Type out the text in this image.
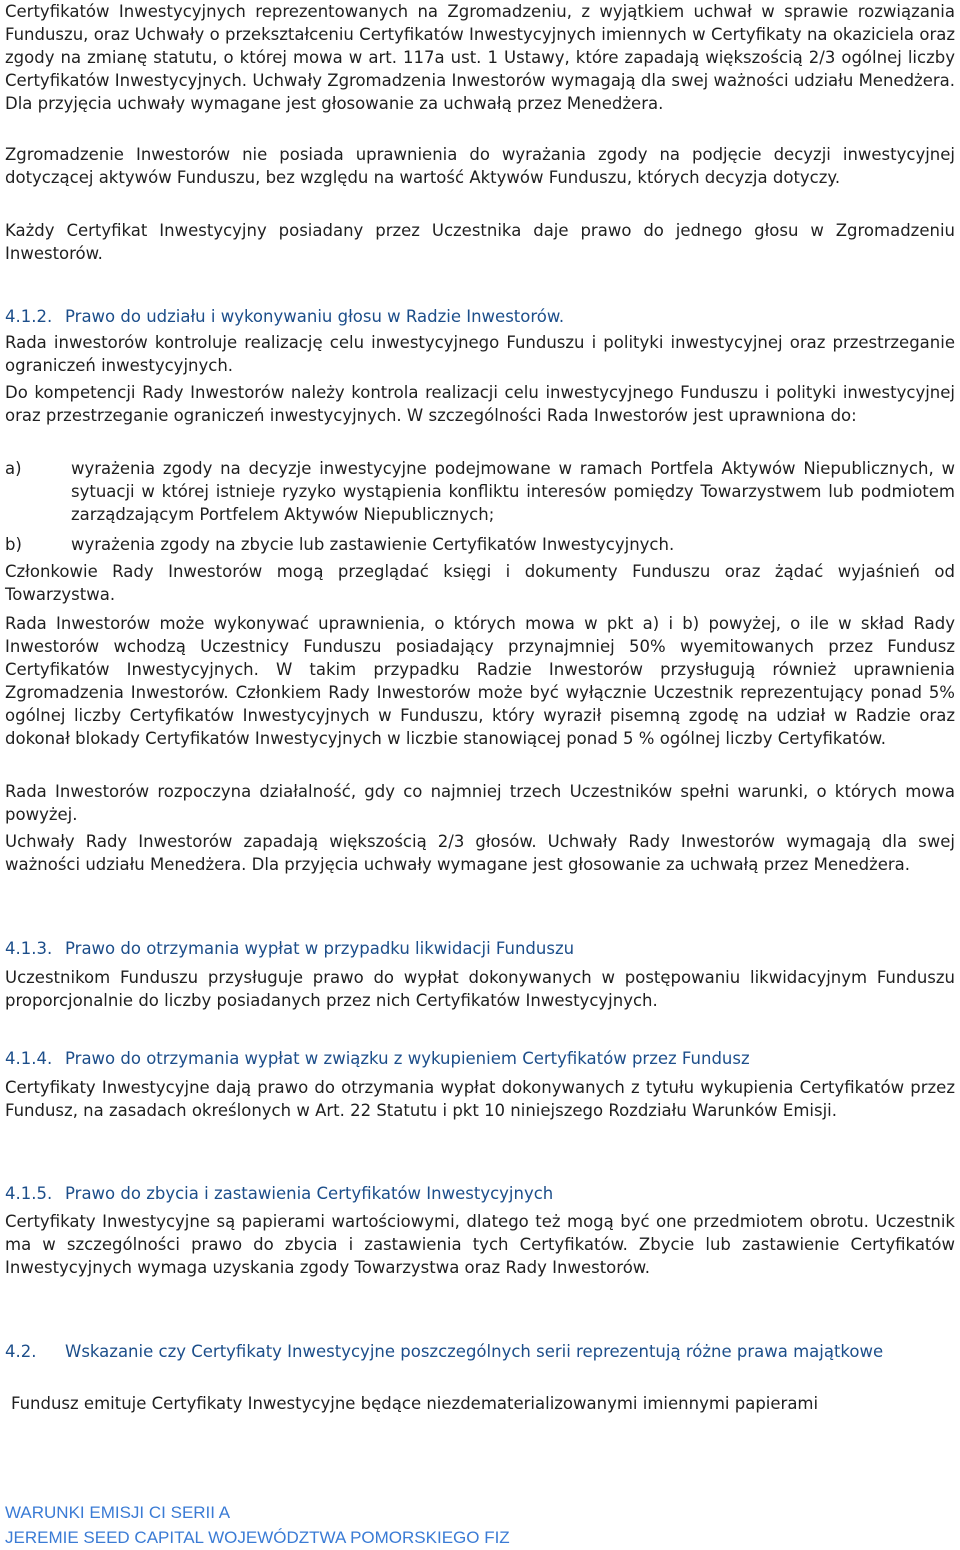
Certyfikatów Inwestycyjnych reprezentowanych na Zgromadzeniu, z wyjątkiem uchwał w sprawie rozwiązania Funduszu, oraz Uchwały o przekształceniu Certyfikatów Inwestycyjnych imiennych w Certyfikaty na okaziciela oraz zgody na zmianę statutu, o której mowa w art. 117a ust. 1 Ustawy, które zapadają większością 2/3 ogólnej liczby Certyfikatów Inwestycyjnych. Uchwały Zgromadzenia Inwestorów wymagają dla swej ważności udziału Menedżera. Dla przyjęcia uchwały wymagane jest głosowanie za uchwałą przez Menedżera.

Zgromadzenie Inwestorów nie posiada uprawnienia do wyrażania zgody na podjęcie decyzji inwestycyjnej dotyczącej aktywów Funduszu, bez względu na wartość Aktywów Funduszu, których decyzja dotyczy.

Każdy Certyfikat Inwestycyjny posiadany przez Uczestnika daje prawo do jednego głosu w Zgromadzeniu Inwestorów.

4.1.2. Prawo do udziału i wykonywaniu głosu w Radzie Inwestorów.

Rada inwestorów kontroluje realizację celu inwestycyjnego Funduszu i polityki inwestycyjnej oraz przestrzeganie ograniczeń inwestycyjnych.

Do kompetencji Rady Inwestorów należy kontrola realizacji celu inwestycyjnego Funduszu i polityki inwestycyjnej oraz przestrzeganie ograniczeń inwestycyjnych. W szczególności Rada Inwestorów jest uprawniona do:

a)	wyrażenia zgody na decyzje inwestycyjne podejmowane w ramach Portfela Aktywów Niepublicznych, w sytuacji w której istnieje ryzyko wystąpienia konfliktu interesów pomiędzy Towarzystwem lub podmiotem zarządzającym Portfelem Aktywów Niepublicznych;
b)	wyrażenia zgody na zbycie lub zastawienie Certyfikatów Inwestycyjnych.

Członkowie Rady Inwestorów mogą przeglądać księgi i dokumenty Funduszu oraz żądać wyjaśnień od Towarzystwa.

Rada Inwestorów może wykonywać uprawnienia, o których mowa w pkt a) i b) powyżej, o ile w skład Rady Inwestorów wchodzą Uczestnicy Funduszu posiadający przynajmniej 50% wyemitowanych przez Fundusz Certyfikatów Inwestycyjnych. W takim przypadku Radzie Inwestorów przysługują również uprawnienia Zgromadzenia Inwestorów. Członkiem Rady Inwestorów może być wyłącznie Uczestnik reprezentujący ponad 5% ogólnej liczby Certyfikatów Inwestycyjnych w Funduszu, który wyraził pisemną zgodę na udział w Radzie oraz dokonał blokady Certyfikatów Inwestycyjnych w liczbie stanowiącej ponad 5 % ogólnej liczby Certyfikatów.

Rada Inwestorów rozpoczyna działalność, gdy co najmniej trzech Uczestników spełni warunki, o których mowa powyżej.

Uchwały Rady Inwestorów zapadają większością 2/3 głosów. Uchwały Rady Inwestorów wymagają dla swej ważności udziału Menedżera. Dla przyjęcia uchwały wymagane jest głosowanie za uchwałą przez Menedżera.

4.1.3. Prawo do otrzymania wypłat w przypadku likwidacji Funduszu

Uczestnikom Funduszu przysługuje prawo do wypłat dokonywanych w postępowaniu likwidacyjnym Funduszu proporcjonalnie do liczby posiadanych przez nich Certyfikatów Inwestycyjnych.

4.1.4. Prawo do otrzymania wypłat w związku z wykupieniem Certyfikatów przez Fundusz

Certyfikaty Inwestycyjne dają prawo do otrzymania wypłat dokonywanych z tytułu wykupienia Certyfikatów przez Fundusz, na zasadach określonych w Art. 22 Statutu i pkt 10 niniejszego Rozdziału Warunków Emisji.

4.1.5. Prawo do zbycia i zastawienia Certyfikatów Inwestycyjnych

Certyfikaty Inwestycyjne są papierami wartościowymi, dlatego też mogą być one przedmiotem obrotu. Uczestnik ma w szczególności prawo do zbycia i zastawienia tych Certyfikatów. Zbycie lub zastawienie Certyfikatów Inwestycyjnych wymaga uzyskania zgody Towarzystwa oraz Rady Inwestorów.

4.2.	Wskazanie czy Certyfikaty Inwestycyjne poszczególnych serii reprezentują różne prawa majątkowe

Fundusz emituje Certyfikaty Inwestycyjne będące niezdematerializowanymi imiennymi papierami

WARUNKI EMISJI CI SERII A
JEREMIE SEED CAPITAL WOJEWÓDZTWA POMORSKIEGO FIZ
